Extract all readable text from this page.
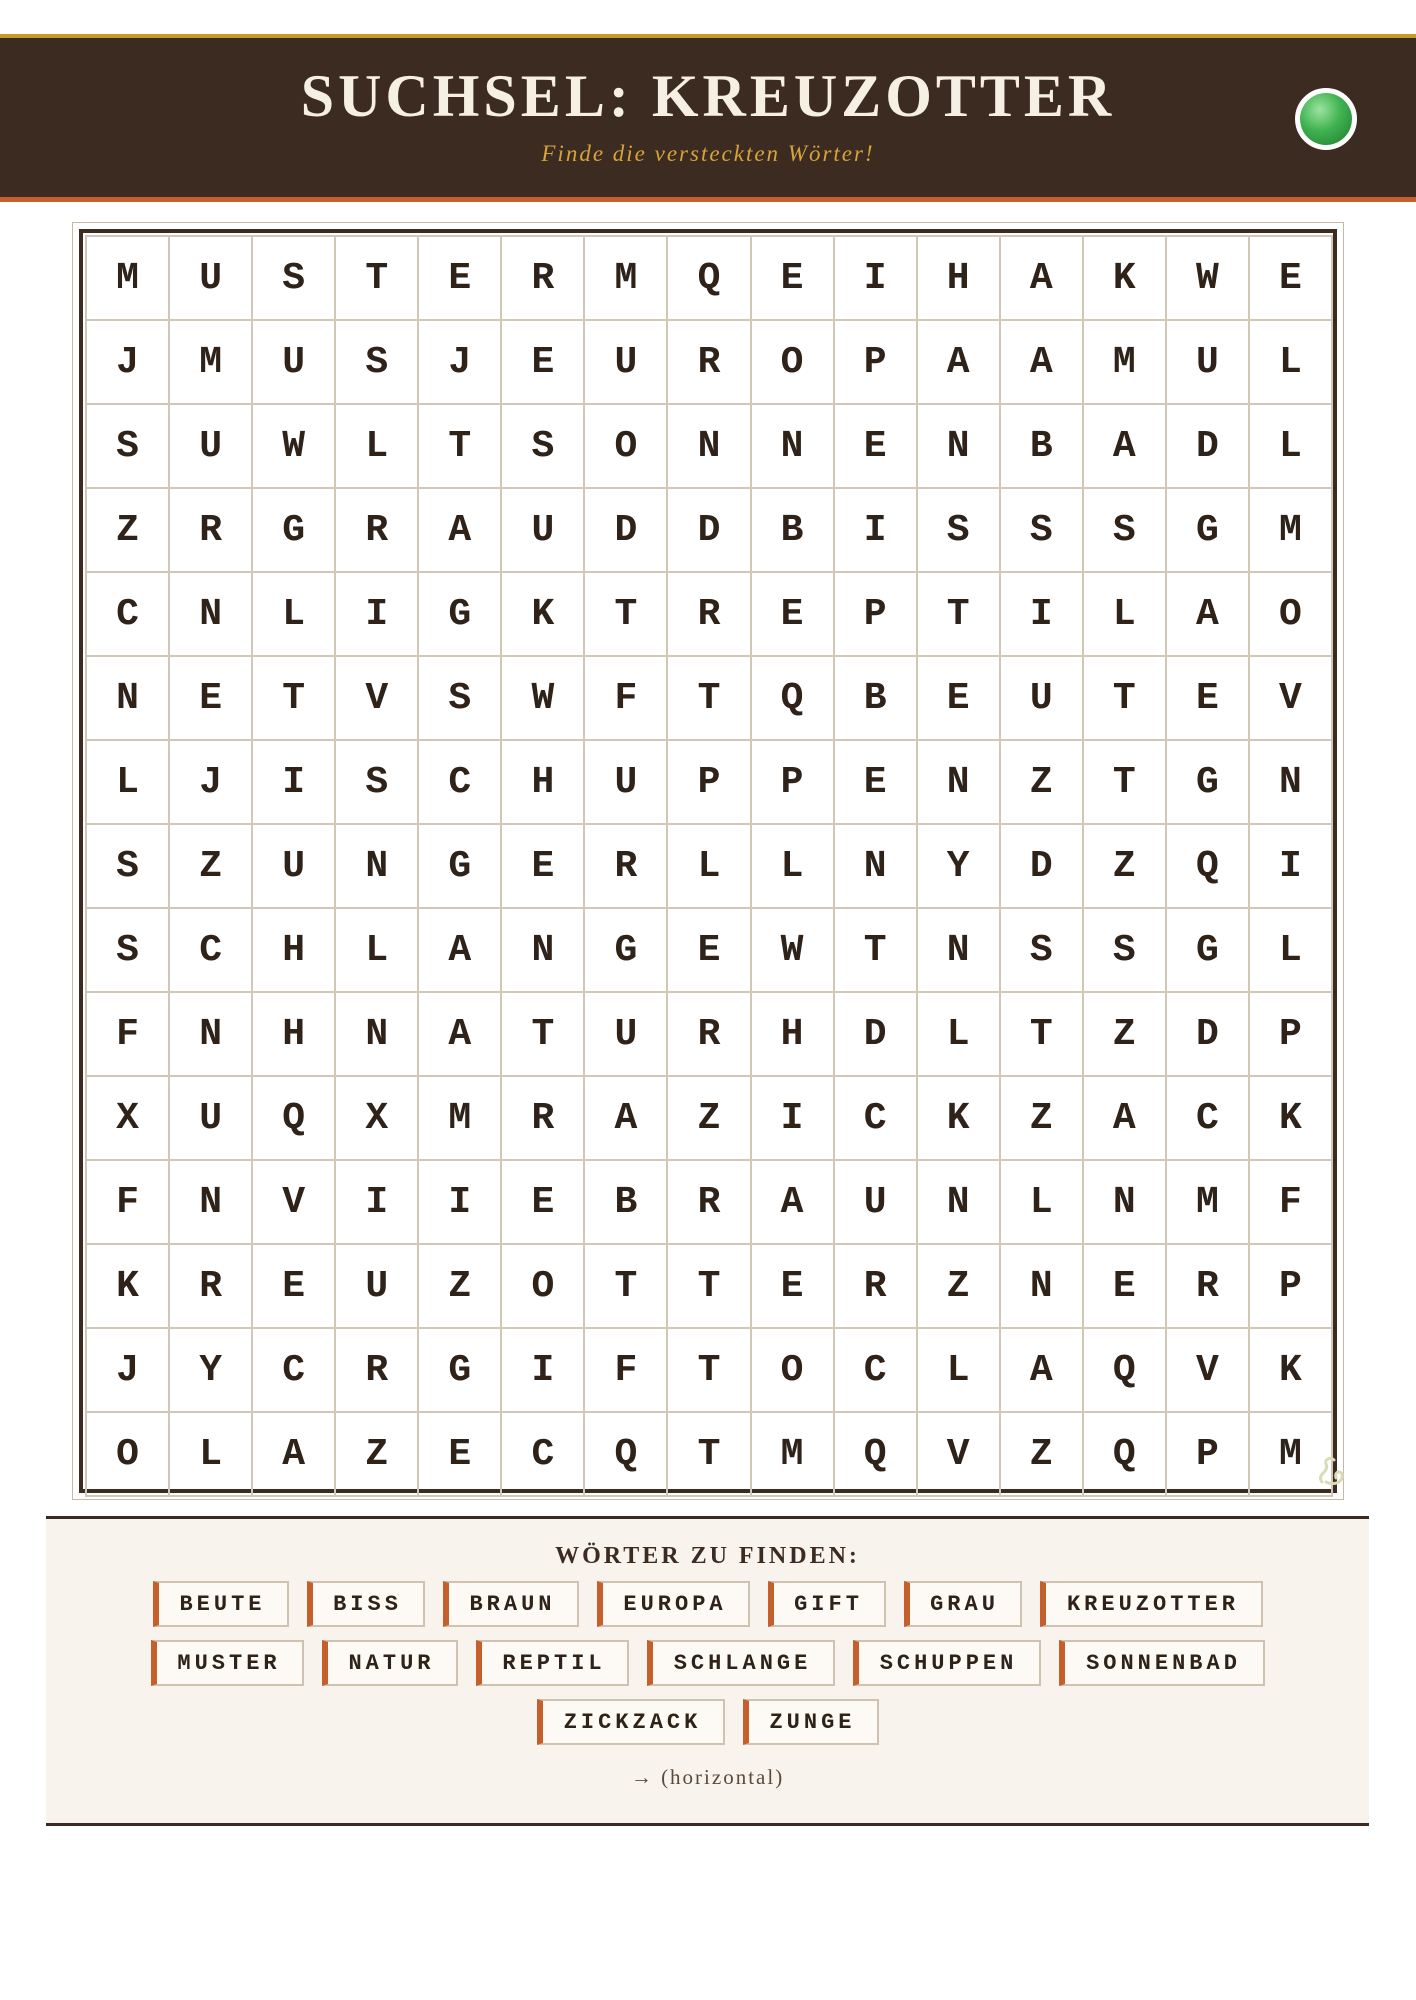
SUCHSEL: KREUZOTTER
Finde die versteckten Wörter!
M	U	S	T	E	R	M	Q	E	I	H	A	K	W	E
J	M	U	S	J	E	U	R	O	P	A	A	M	U	L
S	U	W	L	T	S	O	N	N	E	N	B	A	D	L
Z	R	G	R	A	U	D	D	B	I	S	S	S	G	M
C	N	L	I	G	K	T	R	E	P	T	I	L	A	O
N	E	T	V	S	W	F	T	Q	B	E	U	T	E	V
L	J	I	S	C	H	U	P	P	E	N	Z	T	G	N
S	Z	U	N	G	E	R	L	L	N	Y	D	Z	Q	I
S	C	H	L	A	N	G	E	W	T	N	S	S	G	L
F	N	H	N	A	T	U	R	H	D	L	T	Z	D	P
X	U	Q	X	M	R	A	Z	I	C	K	Z	A	C	K
F	N	V	I	I	E	B	R	A	U	N	L	N	M	F
K	R	E	U	Z	O	T	T	E	R	Z	N	E	R	P
J	Y	C	R	G	I	F	T	O	C	L	A	Q	V	K
O	L	A	Z	E	C	Q	T	M	Q	V	Z	Q	P	M
WÖRTER ZU FINDEN:
BEUTE	BISS	BRAUN	EUROPA	GIFT	GRAU	KREUZOTTER
MUSTER	NATUR	REPTIL	SCHLANGE	SCHUPPEN	SONNENBAD
ZICKZACK	ZUNGE
→ (horizontal)
